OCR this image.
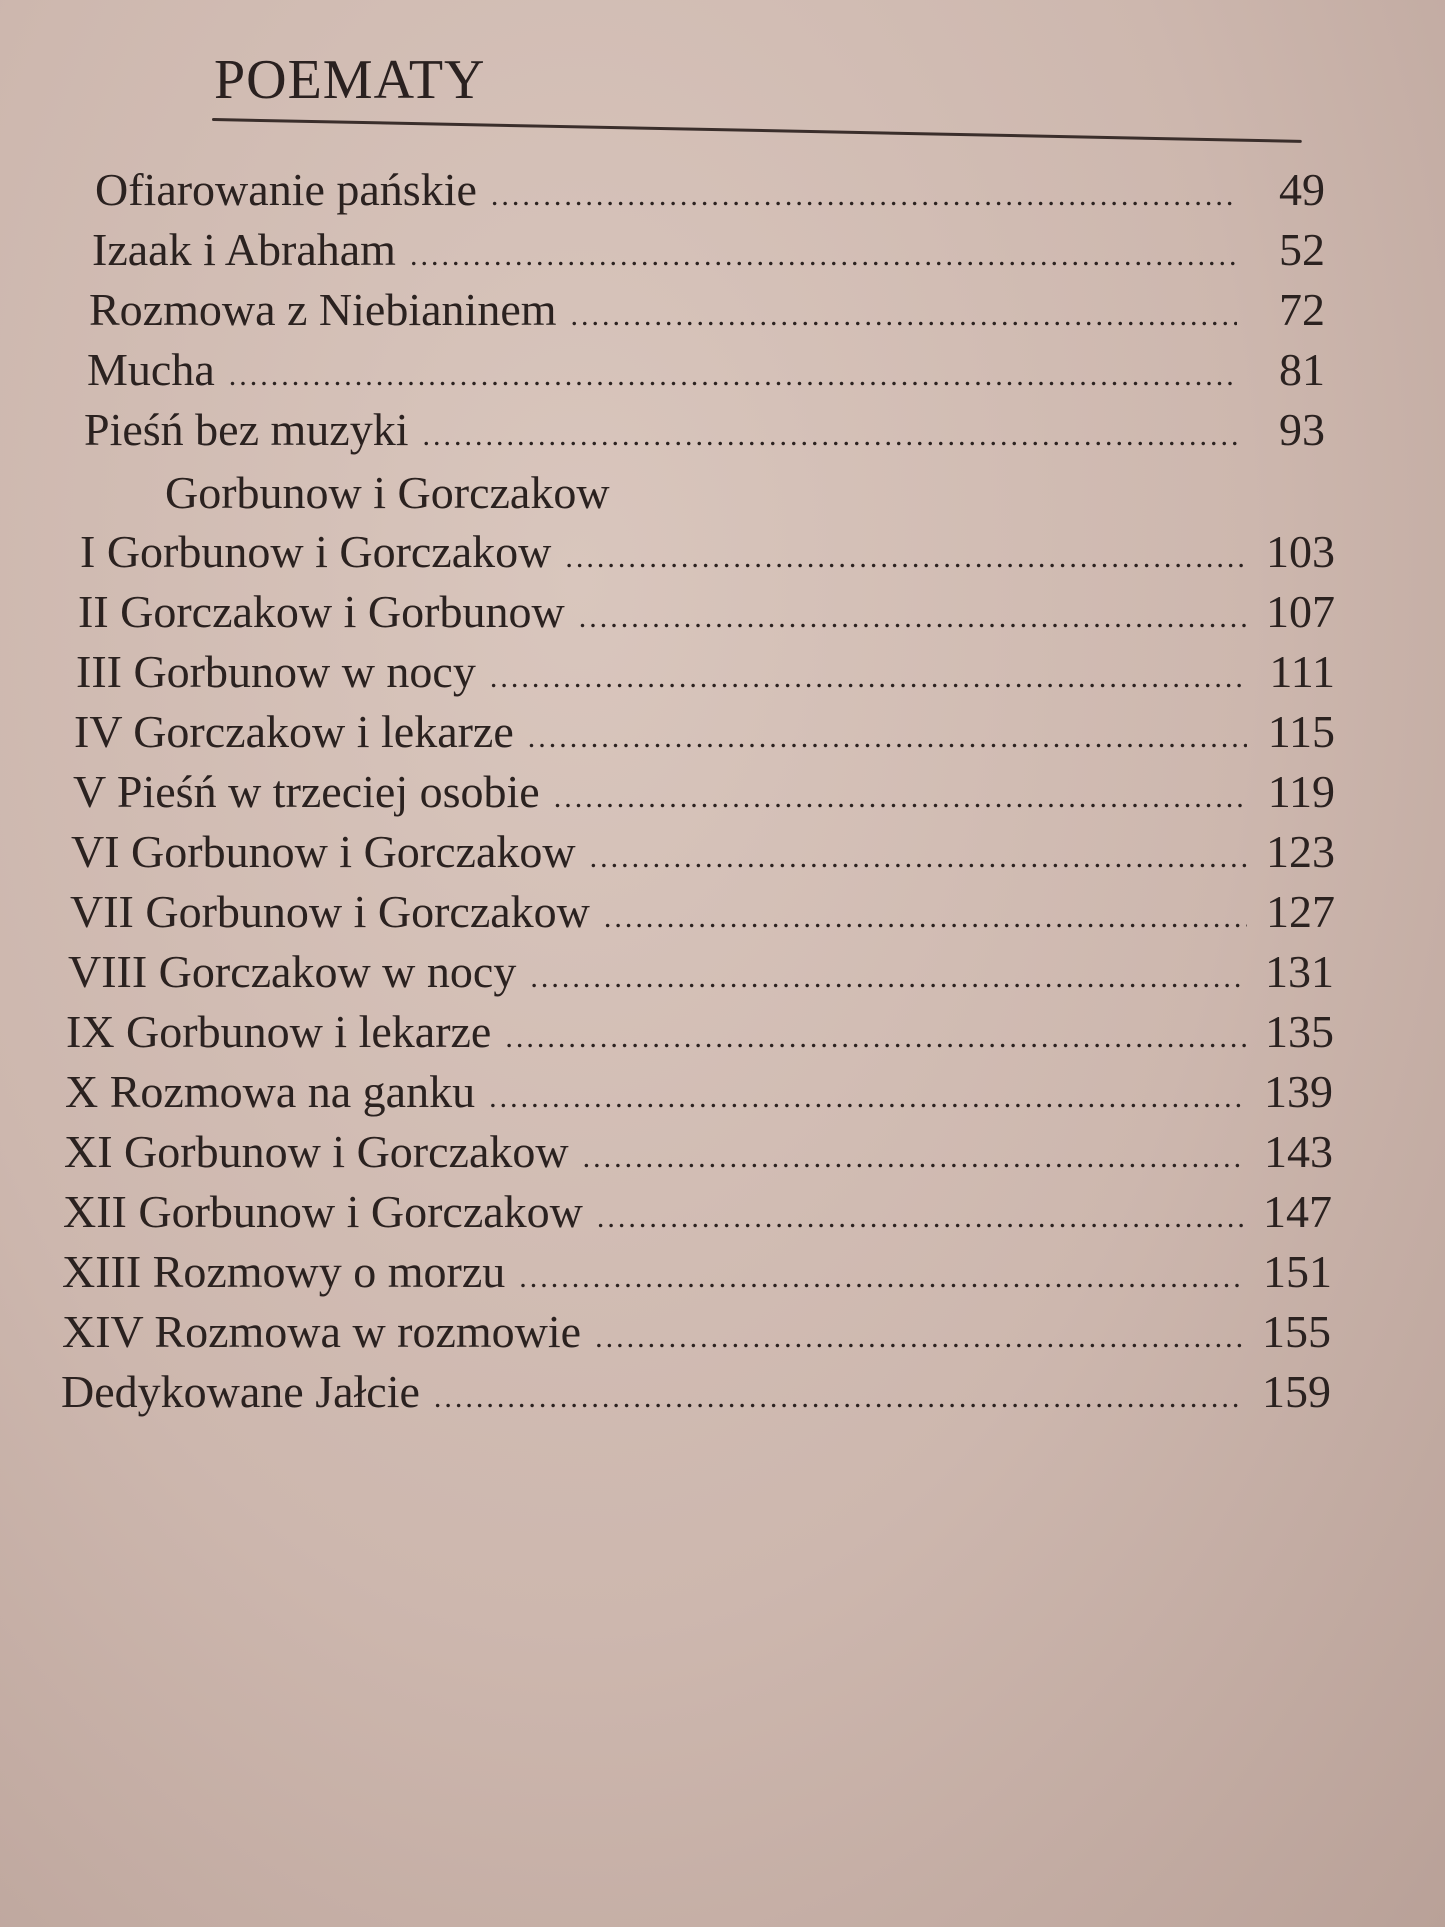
POEMATY
Ofiarowanie pańskie .....	49
Izaak i Abraham .....	52
Rozmowa z Niebianinem .....	72
Mucha .....	81
Pieśń bez muzyki .....	93
Gorbunow i Gorczakow
I Gorbunow i Gorczakow .....	103
II Gorczakow i Gorbunow .....	107
III Gorbunow w nocy .....	111
IV Gorczakow i lekarze .....	115
V Pieśń w trzeciej osobie .....	119
VI Gorbunow i Gorczakow .....	123
VII Gorbunow i Gorczakow .....	127
VIII Gorczakow w nocy .....	131
IX Gorbunow i lekarze .....	135
X Rozmowa na ganku .....	139
XI Gorbunow i Gorczakow .....	143
XII Gorbunow i Gorczakow .....	147
XIII Rozmowy o morzu .....	151
XIV Rozmowa w rozmowie .....	155
Dedykowane Jałcie .....	159
